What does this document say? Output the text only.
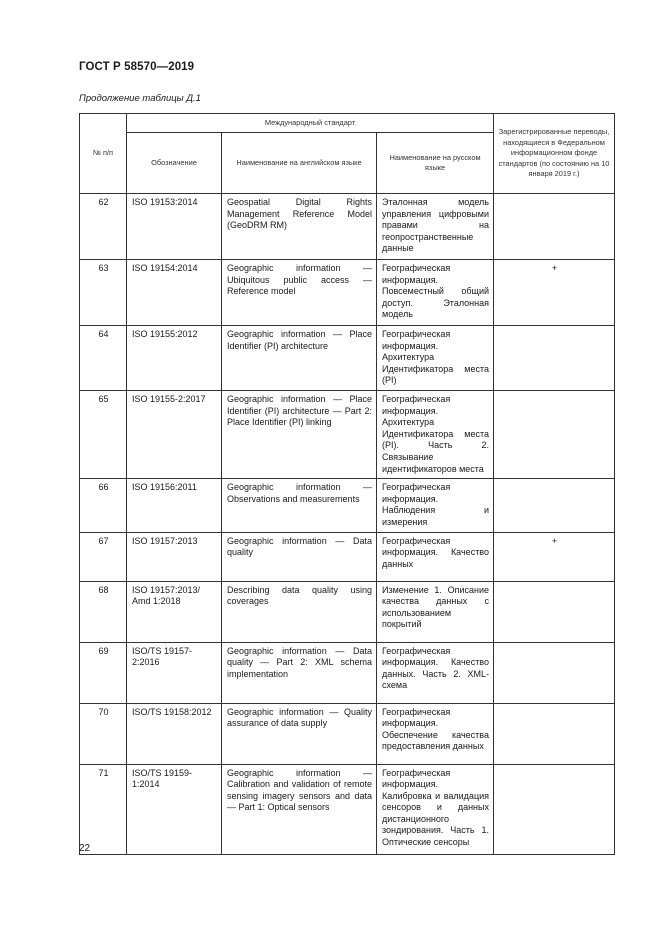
ГОСТ Р 58570—2019
Продолжение таблицы Д.1
№ п/п	Международный стандарт			Зарегистрированные переводы, находящиеся в Федеральном информационном фонде стандартов (по состоянию на 10 января 2019 г.)
	Обозначение	Наименование на английском языке	Наименование на русском языке	
62	ISO 19153:2014	Geospatial Digital Rights Management Reference Model (GeoDRM RM)	Эталонная модель управления цифровыми правами на геопространственные данные	
63	ISO 19154:2014	Geographic information — Ubiquitous public access — Reference model	Географическая информация. Повсеместный общий доступ. Эталонная модель	+
64	ISO 19155:2012	Geographic information — Place Identifier (PI) architecture	Географическая информация. Архитектура Идентификатора места (PI)	
65	ISO 19155-2:2017	Geographic information — Place Identifier (PI) architecture — Part 2: Place Identifier (PI) linking	Географическая информация. Архитектура Идентификатора места (PI). Часть 2. Связывание идентификаторов места	
66	ISO 19156:2011	Geographic information — Observations and measurements	Географическая информация. Наблюдения и измерения	
67	ISO 19157:2013	Geographic information — Data quality	Географическая информация. Качество данных	+
68	ISO 19157:2013/ Amd 1:2018	Describing data quality using coverages	Изменение 1. Описание качества данных с использованием покрытий	
69	ISO/TS 19157-2:2016	Geographic information — Data quality — Part 2: XML schema implementation	Географическая информация. Качество данных. Часть 2. XML-схема	
70	ISO/TS 19158:2012	Geographic information — Quality assurance of data supply	Географическая информация. Обеспечение качества предоставления данных	
71	ISO/TS 19159-1:2014	Geographic information — Calibration and validation of remote sensing imagery sensors and data — Part 1: Optical sensors	Географическая информация. Калибровка и валидация сенсоров и данных дистанционного зондирования. Часть 1. Оптические сенсоры	
22
